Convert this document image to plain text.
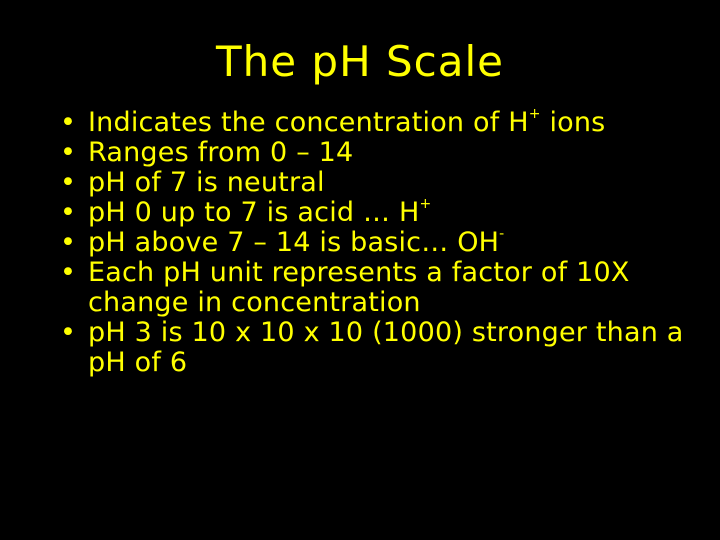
The pH Scale
• Indicates the concentration of H+ ions
• Ranges from 0 – 14
• pH of 7 is neutral
• pH 0 up to 7 is acid … H+
• pH above 7 – 14 is basic… OH-
• Each pH unit represents a factor of 10X change in concentration
• pH 3 is 10 x 10 x 10 (1000) stronger than a pH of 6
